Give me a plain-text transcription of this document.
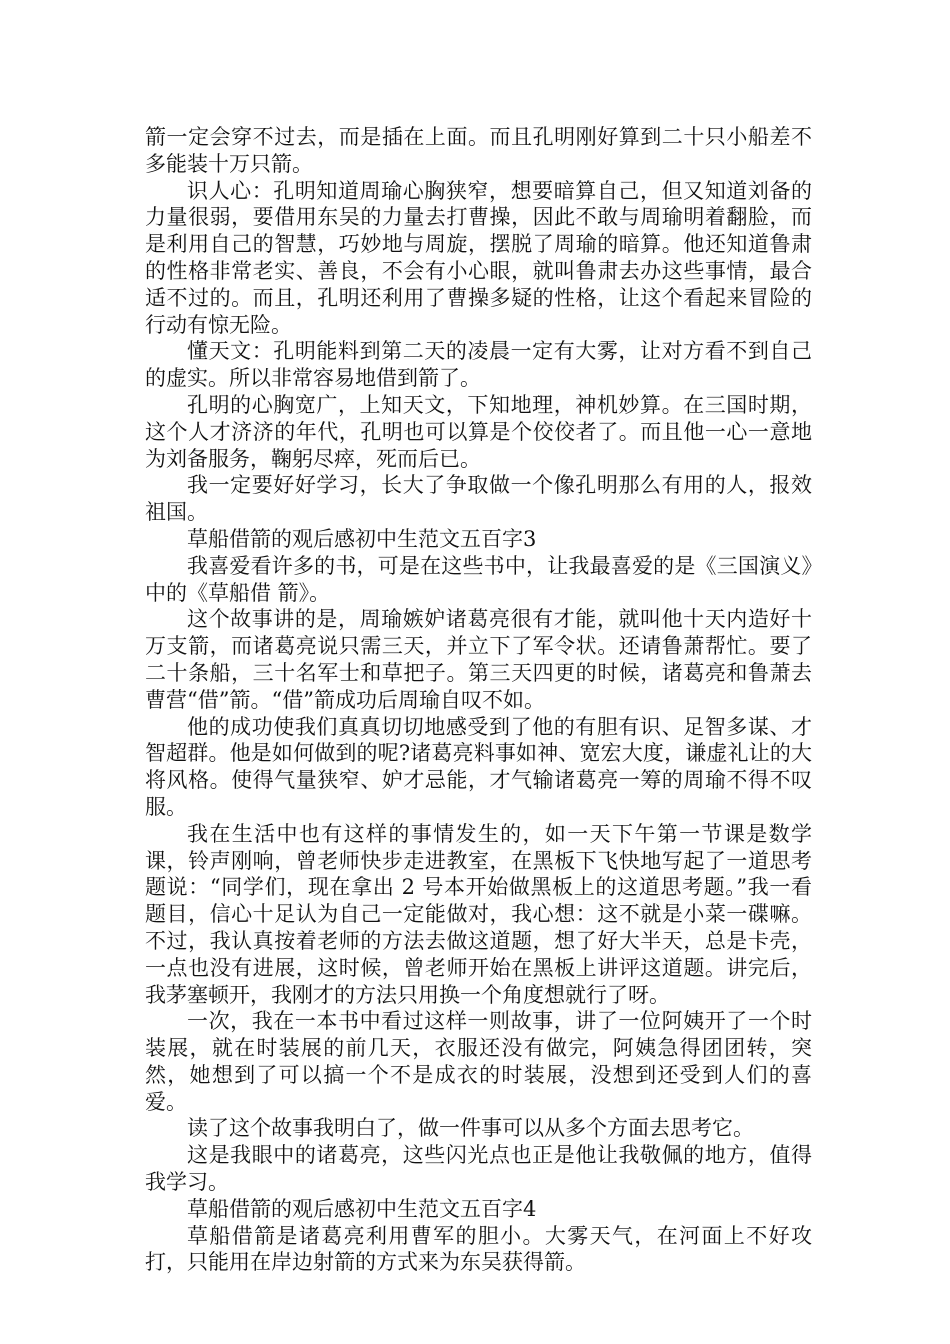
箭一定会穿不过去，而是插在上面。而且孔明刚好算到二十只小船差不多能装十万只箭。

识人心：孔明知道周瑜心胸狭窄，想要暗算自己，但又知道刘备的力量很弱，要借用东吴的力量去打曹操，因此不敢与周瑜明着翻脸，而是利用自己的智慧，巧妙地与周旋，摆脱了周瑜的暗算。他还知道鲁肃的性格非常老实、善良，不会有小心眼，就叫鲁肃去办这些事情，最合适不过的。而且，孔明还利用了曹操多疑的性格，让这个看起来冒险的行动有惊无险。

懂天文：孔明能料到第二天的凌晨一定有大雾，让对方看不到自己的虚实。所以非常容易地借到箭了。

孔明的心胸宽广，上知天文，下知地理，神机妙算。在三国时期，这个人才济济的年代，孔明也可以算是个佼佼者了。而且他一心一意地为刘备服务，鞠躬尽瘁，死而后已。

我一定要好好学习，长大了争取做一个像孔明那么有用的人，报效祖国。

草船借箭的观后感初中生范文五百字3

我喜爱看许多的书，可是在这些书中，让我最喜爱的是《三国演义》中的《草船借 箭》。

这个故事讲的是，周瑜嫉妒诸葛亮很有才能，就叫他十天内造好十万支箭，而诸葛亮说只需三天，并立下了军令状。还请鲁萧帮忙。要了二十条船，三十名军士和草把子。第三天四更的时候，诸葛亮和鲁萧去曹营“借”箭。“借”箭成功后周瑜自叹不如。

他的成功使我们真真切切地感受到了他的有胆有识、足智多谋、才智超群。他是如何做到的呢?诸葛亮料事如神、宽宏大度，谦虚礼让的大将风格。使得气量狭窄、妒才忌能，才气输诸葛亮一筹的周瑜不得不叹服。

我在生活中也有这样的事情发生的，如一天下午第一节课是数学课，铃声刚响，曾老师快步走进教室，在黑板下飞快地写起了一道思考题说：“同学们，现在拿出 2 号本开始做黑板上的这道思考题。”我一看题目，信心十足认为自己一定能做对，我心想：这不就是小菜一碟嘛。不过，我认真按着老师的方法去做这道题，想了好大半天，总是卡壳，一点也没有进展，这时候，曾老师开始在黑板上讲评这道题。讲完后，我茅塞顿开，我刚才的方法只用换一个角度想就行了呀。

一次，我在一本书中看过这样一则故事，讲了一位阿姨开了一个时装展，就在时装展的前几天，衣服还没有做完，阿姨急得团团转，突然，她想到了可以搞一个不是成衣的时装展，没想到还受到人们的喜爱。

读了这个故事我明白了，做一件事可以从多个方面去思考它。

这是我眼中的诸葛亮，这些闪光点也正是他让我敬佩的地方，值得我学习。

草船借箭的观后感初中生范文五百字4

草船借箭是诸葛亮利用曹军的胆小。大雾天气，在河面上不好攻打，只能用在岸边射箭的方式来为东吴获得箭。
